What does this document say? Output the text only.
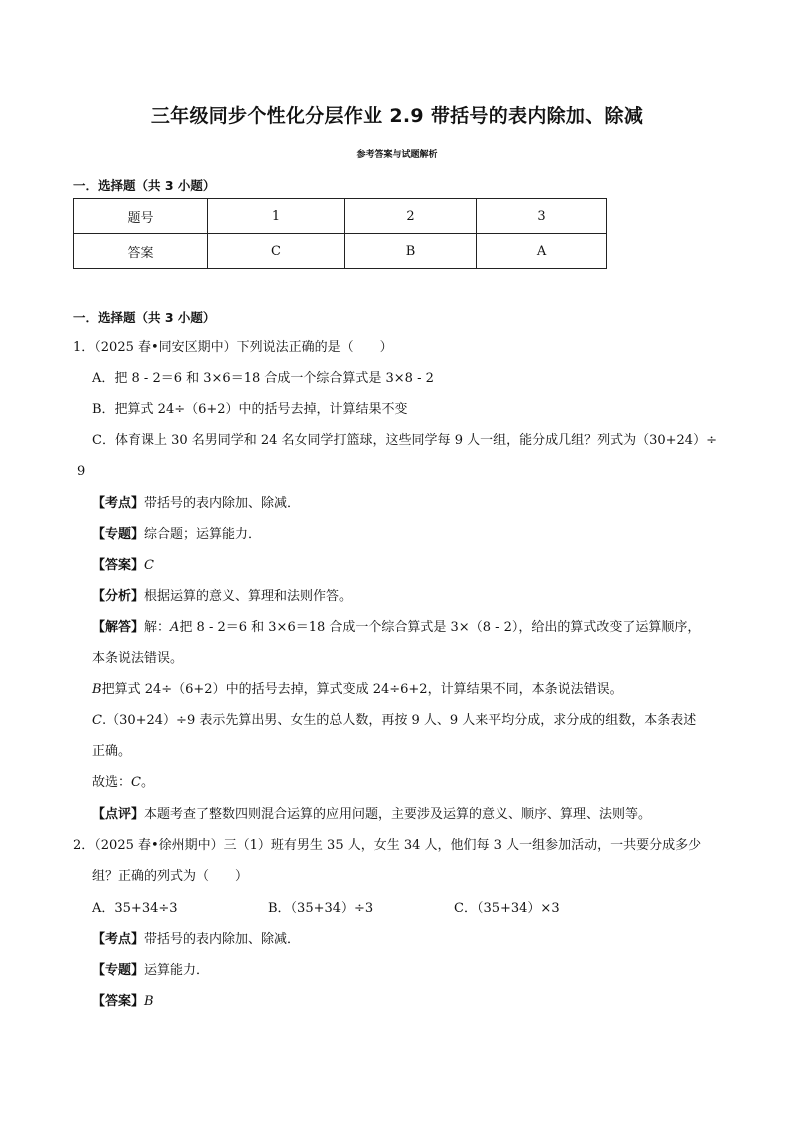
三年级同步个性化分层作业 2.9 带括号的表内除加、除减
参考答案与试题解析
一．选择题（共 3 小题）
题号	1	2	3
答案	C	B	A
一．选择题（共 3 小题）
1．（2025 春•同安区期中）下列说法正确的是（　　）
A．把 8 - 2＝6 和 3×6＝18 合成一个综合算式是 3×8 - 2
B．把算式 24÷（6+2）中的括号去掉，计算结果不变
C．体育课上 30 名男同学和 24 名女同学打篮球，这些同学每 9 人一组，能分成几组？列式为（30+24）÷
9
【考点】带括号的表内除加、除减．
【专题】综合题；运算能力．
【答案】C
【分析】根据运算的意义、算理和法则作答。
【解答】解：A把 8 - 2＝6 和 3×6＝18 合成一个综合算式是 3×（8 - 2），给出的算式改变了运算顺序，
本条说法错误。
B把算式 24÷（6+2）中的括号去掉，算式变成 24÷6+2，计算结果不同，本条说法错误。
C.（30+24）÷9 表示先算出男、女生的总人数，再按 9 人、9 人来平均分成，求分成的组数，本条表述
正确。
故选：C。
【点评】本题考查了整数四则混合运算的应用问题，主要涉及运算的意义、顺序、算理、法则等。
2．（2025 春•徐州期中）三（1）班有男生 35 人，女生 34 人，他们每 3 人一组参加活动，一共要分成多少
组？正确的列式为（　　）
A．35+34÷3	B．（35+34）÷3	C．（35+34）×3
【考点】带括号的表内除加、除减．
【专题】运算能力．
【答案】B
